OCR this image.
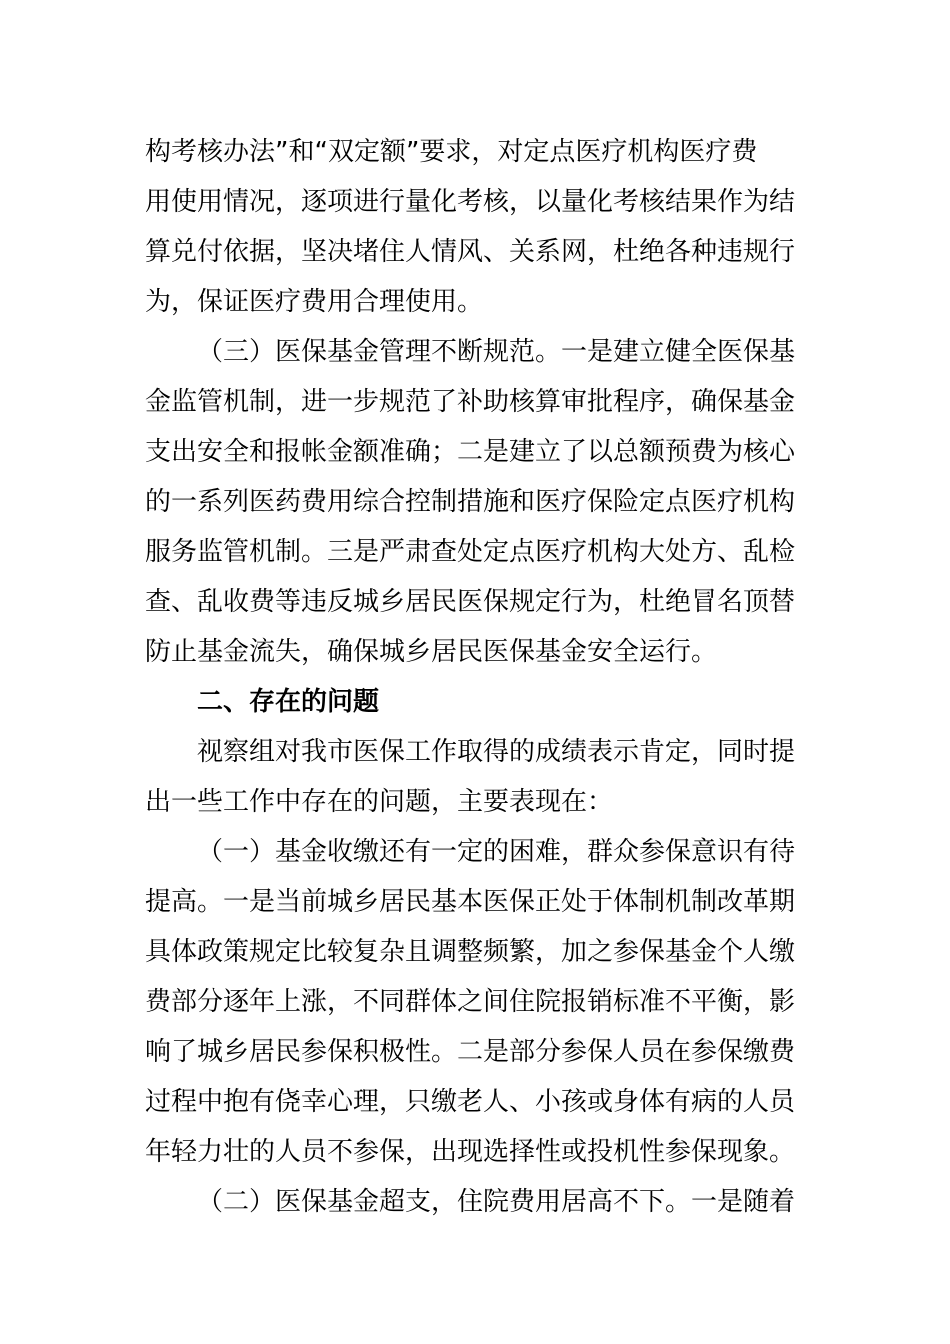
构考核办法”和“双定额”要求，对定点医疗机构医疗费
用使用情况，逐项进行量化考核，以量化考核结果作为结
算兑付依据，坚决堵住人情风、关系网，杜绝各种违规行
为，保证医疗费用合理使用。
（三）医保基金管理不断规范。一是建立健全医保基
金监管机制，进一步规范了补助核算审批程序，确保基金
支出安全和报帐金额准确；二是建立了以总额预费为核心
的一系列医药费用综合控制措施和医疗保险定点医疗机构
服务监管机制。三是严肃查处定点医疗机构大处方、乱检
查、乱收费等违反城乡居民医保规定行为，杜绝冒名顶替
防止基金流失，确保城乡居民医保基金安全运行。
二、存在的问题
视察组对我市医保工作取得的成绩表示肯定，同时提
出一些工作中存在的问题，主要表现在：
（一）基金收缴还有一定的困难，群众参保意识有待
提高。一是当前城乡居民基本医保正处于体制机制改革期
具体政策规定比较复杂且调整频繁，加之参保基金个人缴
费部分逐年上涨，不同群体之间住院报销标准不平衡，影
响了城乡居民参保积极性。二是部分参保人员在参保缴费
过程中抱有侥幸心理，只缴老人、小孩或身体有病的人员
年轻力壮的人员不参保，出现选择性或投机性参保现象。
（二）医保基金超支，住院费用居高不下。一是随着
